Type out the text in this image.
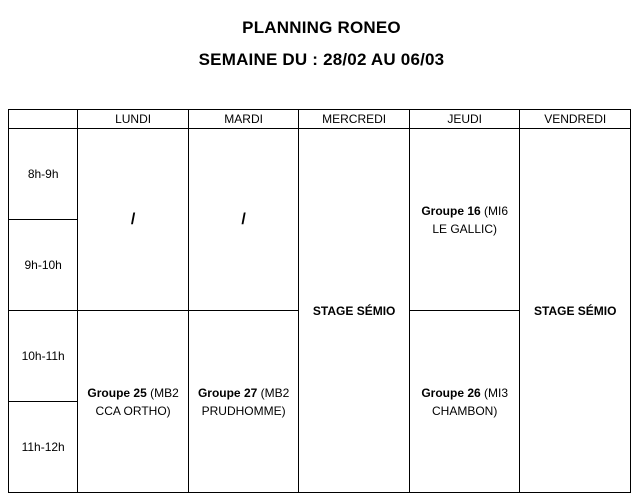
PLANNING RONEO
SEMAINE DU : 28/02 AU 06/03
	LUNDI	MARDI	MERCREDI	JEUDI	VENDREDI
8h-9h	/	/	STAGE SÉMIO	Groupe 16 (MI6 LE GALLIC)	STAGE SÉMIO
9h-10h					
10h-11h	Groupe 25 (MB2 CCA ORTHO)	Groupe 27 (MB2 PRUDHOMME)		Groupe 26 (MI3 CHAMBON)	
11h-12h					
